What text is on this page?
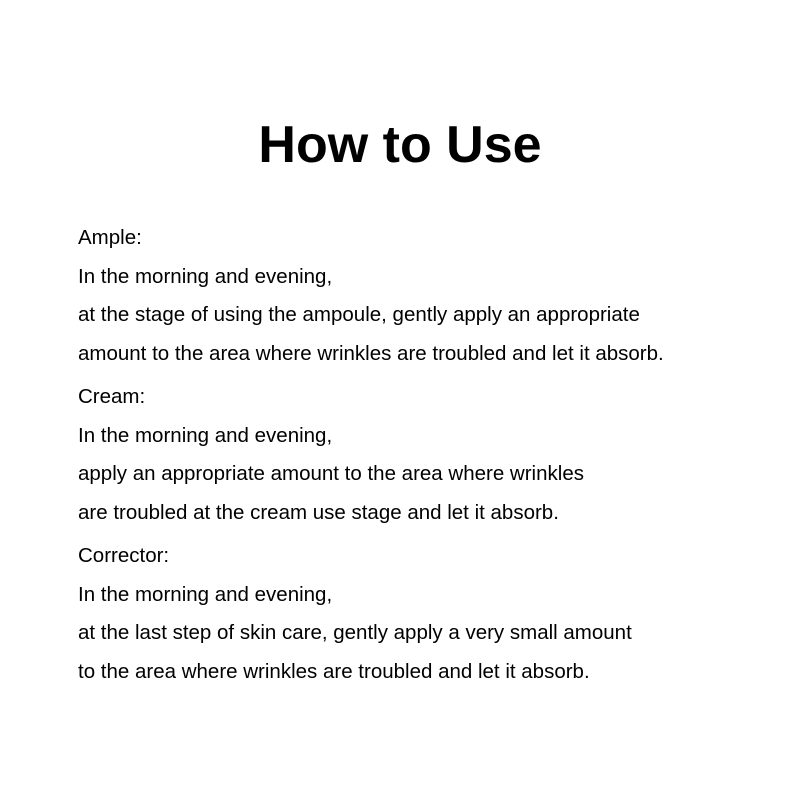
How to Use

Ample:

In the morning and evening,

at the stage of using the ampoule, gently apply an appropriate

amount to the area where wrinkles are troubled and let it absorb.

Cream:

In the morning and evening,

apply an appropriate amount to the area where wrinkles

are troubled at the cream use stage and let it absorb.

Corrector:

In the morning and evening,

at the last step of skin care, gently apply a very small amount

to the area where wrinkles are troubled and let it absorb.
